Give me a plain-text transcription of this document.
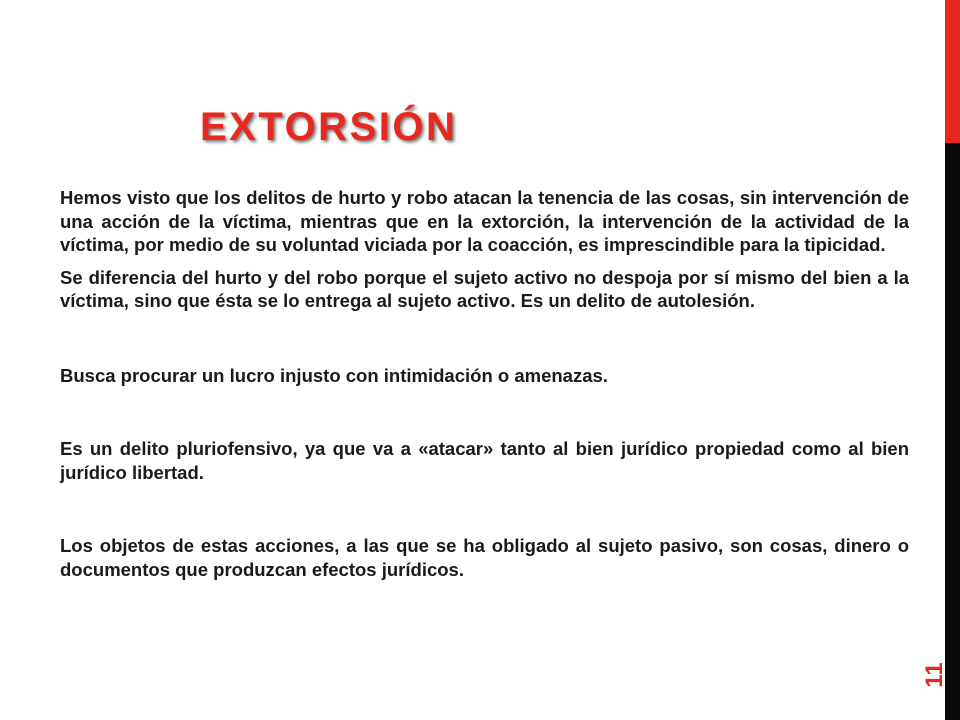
EXTORSIÓN

Hemos visto que los delitos de hurto y robo atacan la tenencia de las cosas, sin intervención de una acción de la víctima, mientras que en la extorción, la intervención de la actividad de la víctima, por medio de su voluntad viciada por la coacción, es imprescindible para la tipicidad.

Se diferencia del hurto y del robo porque el sujeto activo no despoja por sí mismo del bien a la víctima, sino que ésta se lo entrega al sujeto activo. Es un delito de autolesión.

Busca procurar un lucro injusto con intimidación o amenazas.

Es un delito pluriofensivo, ya que va a «atacar» tanto al bien jurídico propiedad como al bien jurídico libertad.

Los objetos de estas acciones, a las que se ha obligado al sujeto pasivo, son cosas, dinero o documentos que produzcan efectos jurídicos.

11
